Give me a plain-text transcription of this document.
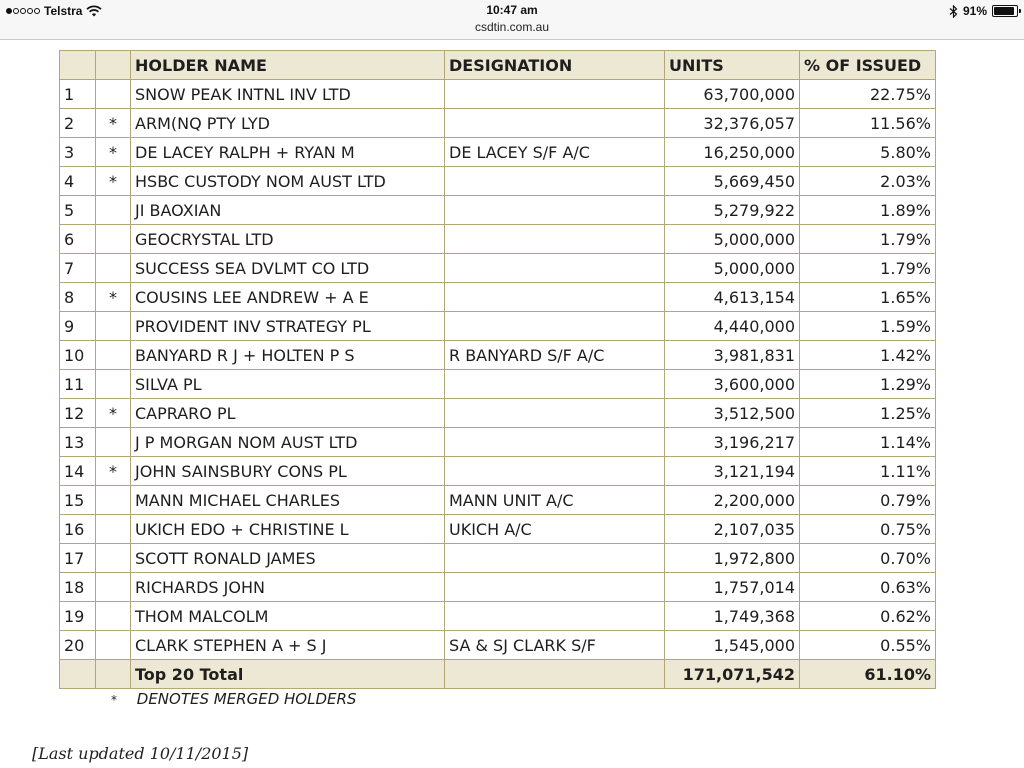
Telstra	10:47 am
csdtin.com.au
91%
		HOLDER NAME	DESIGNATION	UNITS	% OF ISSUED
1		SNOW PEAK INTNL INV LTD		63,700,000	22.75%
2	*	ARM(NQ PTY LYD		32,376,057	11.56%
3	*	DE LACEY RALPH + RYAN M	DE LACEY S/F A/C	16,250,000	5.80%
4	*	HSBC CUSTODY NOM AUST LTD		5,669,450	2.03%
5		JI BAOXIAN		5,279,922	1.89%
6		GEOCRYSTAL LTD		5,000,000	1.79%
7		SUCCESS SEA DVLMT CO LTD		5,000,000	1.79%
8	*	COUSINS LEE ANDREW + A E		4,613,154	1.65%
9		PROVIDENT INV STRATEGY PL		4,440,000	1.59%
10		BANYARD R J + HOLTEN P S	R BANYARD S/F A/C	3,981,831	1.42%
11		SILVA PL		3,600,000	1.29%
12	*	CAPRARO PL		3,512,500	1.25%
13		J P MORGAN NOM AUST LTD		3,196,217	1.14%
14	*	JOHN SAINSBURY CONS PL		3,121,194	1.11%
15		MANN MICHAEL CHARLES	MANN UNIT A/C	2,200,000	0.79%
16		UKICH EDO + CHRISTINE L	UKICH A/C	2,107,035	0.75%
17		SCOTT RONALD JAMES		1,972,800	0.70%
18		RICHARDS JOHN		1,757,014	0.63%
19		THOM MALCOLM		1,749,368	0.62%
20		CLARK STEPHEN A + S J	SA & SJ CLARK S/F	1,545,000	0.55%
		Top 20 Total		171,071,542	61.10%
* DENOTES MERGED HOLDERS
[Last updated 10/11/2015]
